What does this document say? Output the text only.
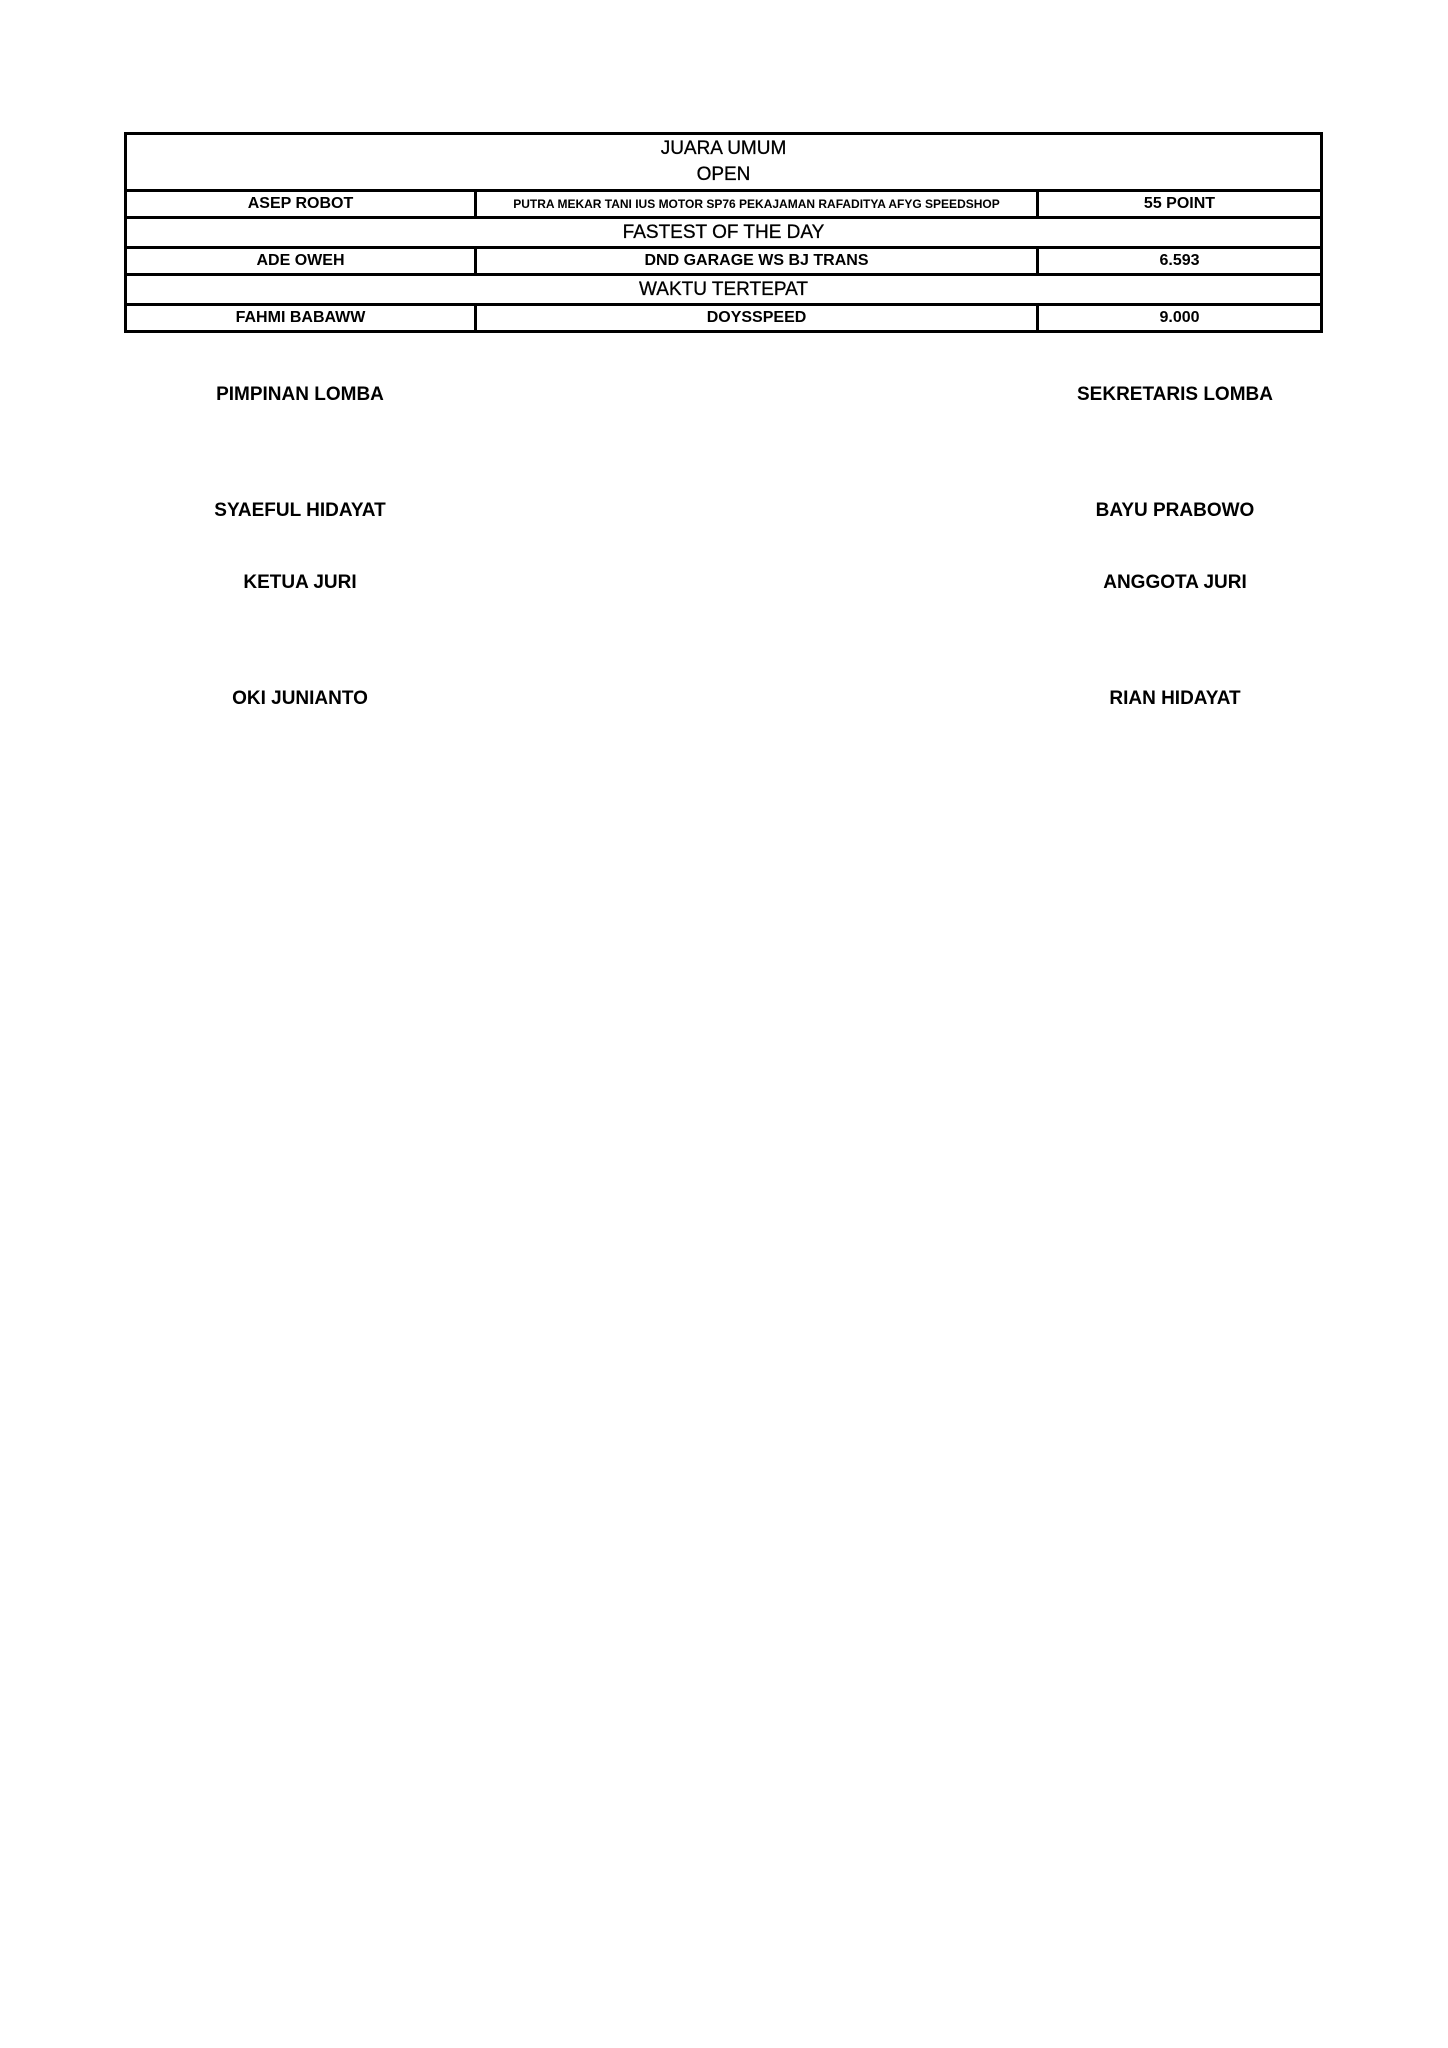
JUARA UMUM
OPEN		

ASEP ROBOT	PUTRA MEKAR TANI IUS MOTOR SP76 PEKAJAMAN RAFADITYA AFYG SPEEDSHOP	55 POINT
FASTEST OF THE DAY		
ADE OWEH	DND GARAGE WS BJ TRANS	6.593
WAKTU TERTEPAT		
FAHMI BABAWW	DOYSSPEED	9.000
PIMPINAN LOMBA	SEKRETARIS LOMBA
SYAEFUL HIDAYAT	BAYU PRABOWO
KETUA JURI	ANGGOTA JURI
OKI JUNIANTO	RIAN HIDAYAT
